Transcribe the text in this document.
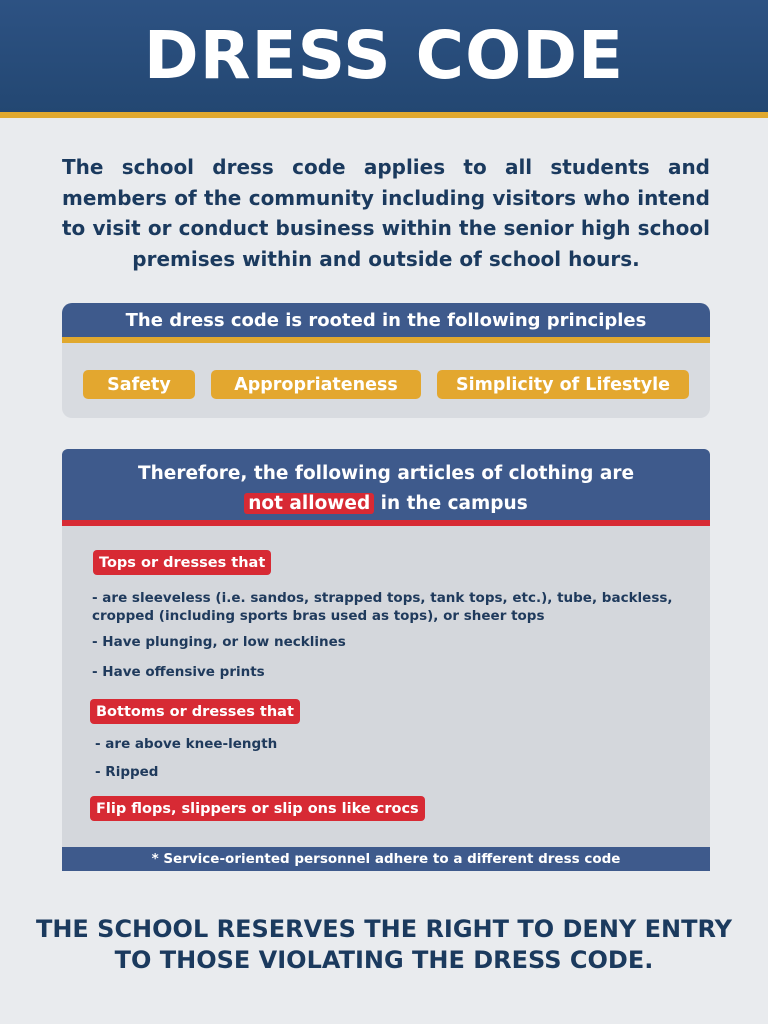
DRESS CODE

The school dress code applies to all students and members of the community including visitors who intend to visit or conduct business within the senior high school premises within and outside of school hours.

The dress code is rooted in the following principles
Safety	Appropriateness	Simplicity of Lifestyle
Therefore, the following articles of clothing are
not allowed in the campus
Tops or dresses that
- are sleeveless (i.e. sandos, strapped tops, tank tops, etc.), tube, backless, cropped (including sports bras used as tops), or sheer tops
- Have plunging, or low necklines
- Have offensive prints
Bottoms or dresses that
- are above knee-length
- Ripped
Flip flops, slippers or slip ons like crocs
* Service-oriented personnel adhere to a different dress code

THE SCHOOL RESERVES THE RIGHT TO DENY ENTRY TO THOSE VIOLATING THE DRESS CODE.
